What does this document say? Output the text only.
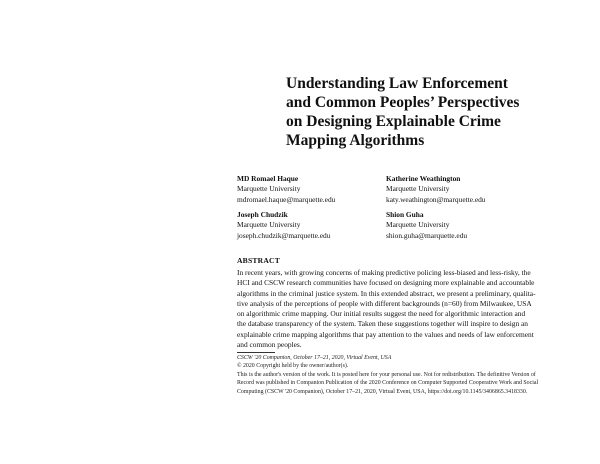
Understanding Law Enforcement
and Common Peoples’ Perspectives
on Designing Explainable Crime
Mapping Algorithms
MD Romael Haque
Marquette University
mdromael.haque@marquette.edu
Katherine Weathington
Marquette University
katy.weathington@marquette.edu
Joseph Chudzik
Marquette University
joseph.chudzik@marquette.edu
Shion Guha
Marquette University
shion.guha@marquette.edu
ABSTRACT
In recent years, with growing concerns of making predictive policing less-biased and less-risky, the
HCI and CSCW research communities have focused on designing more explainable and accountable
algorithms in the criminal justice system. In this extended abstract, we present a preliminary, qualita-
tive analysis of the perceptions of people with different backgrounds (n=60) from Milwaukee, USA
on algorithmic crime mapping. Our initial results suggest the need for algorithmic interaction and
the database transparency of the system. Taken these suggestions together will inspire to design an
explainable crime mapping algorithms that pay attention to the values and needs of law enforcement
and common peoples.
CSCW '20 Companion, October 17–21, 2020, Virtual Event, USA
© 2020 Copyright held by the owner/author(s).
This is the author's version of the work. It is posted here for your personal use. Not for redistribution. The definitive Version of
Record was published in Companion Publication of the 2020 Conference on Computer Supported Cooperative Work and Social
Computing (CSCW '20 Companion), October 17–21, 2020, Virtual Event, USA, https://doi.org/10.1145/3406865.3418330.
